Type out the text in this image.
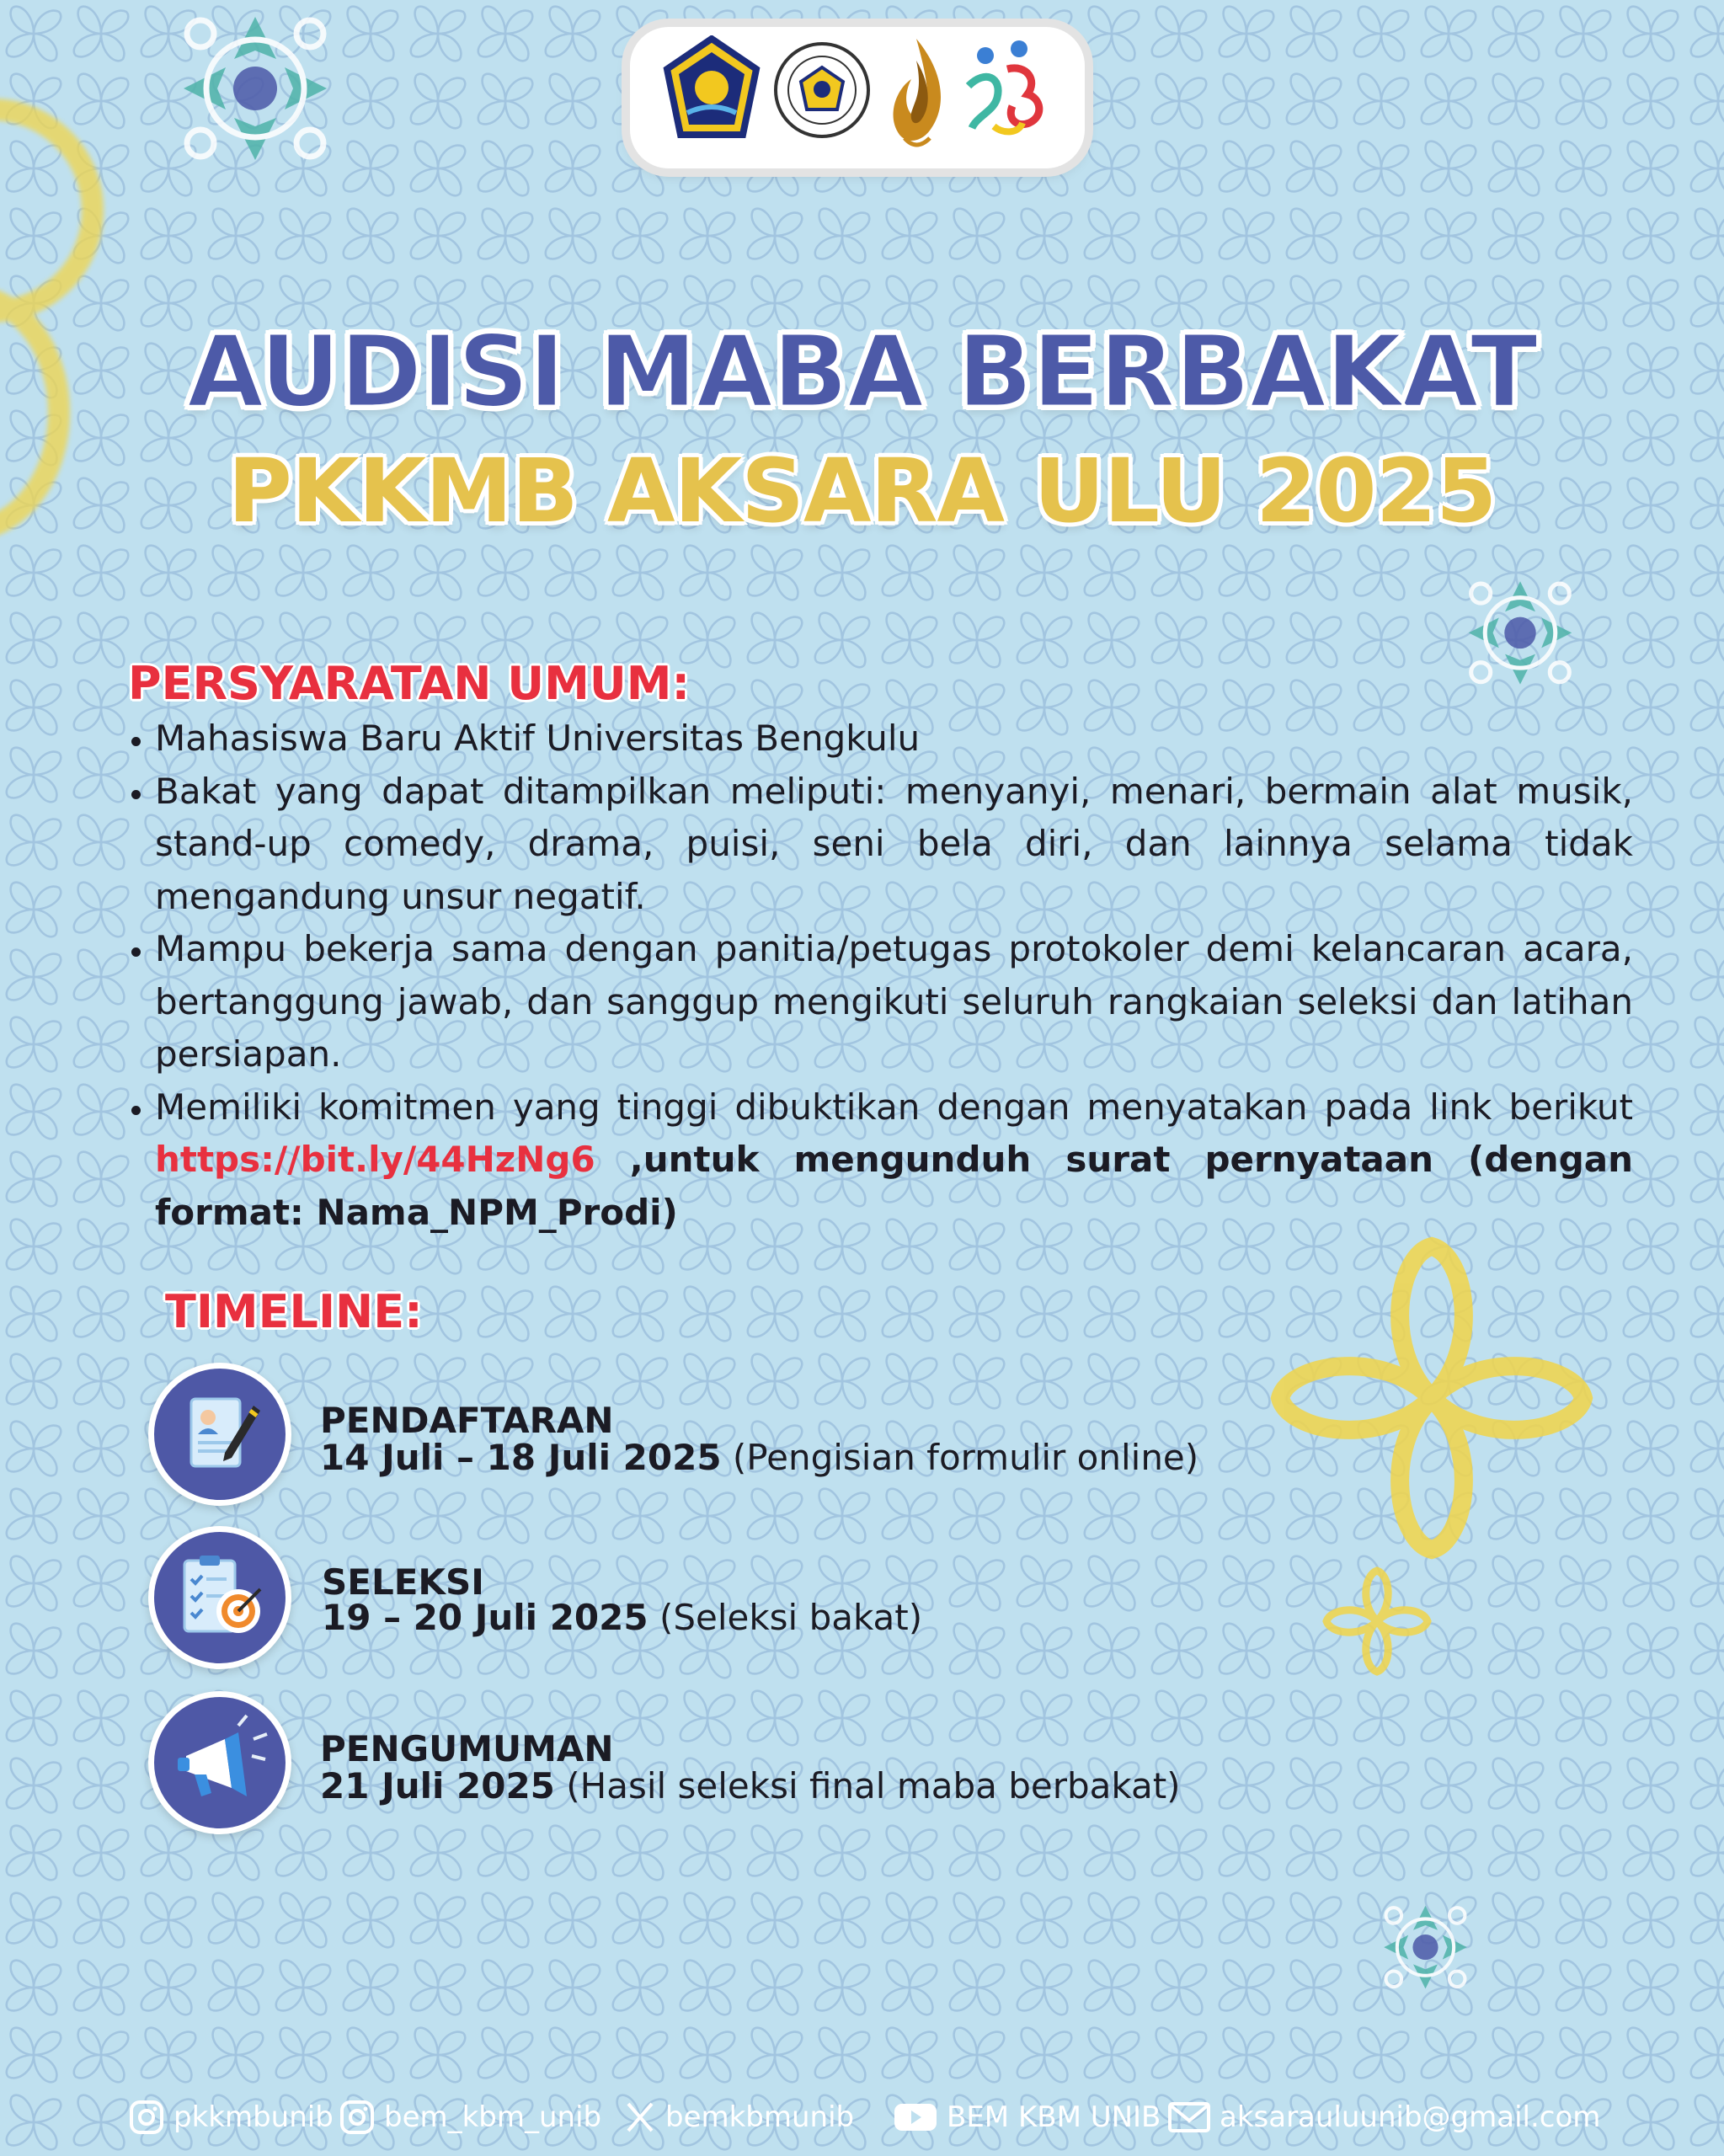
AUDISI MABA BERBAKAT
PKKMB AKSARA ULU 2025
PERSYARATAN UMUM:
• Mahasiswa Baru Aktif Universitas Bengkulu
• Bakat yang dapat ditampilkan meliputi: menyanyi, menari, bermain alat musik, stand-up comedy, drama, puisi, seni bela diri, dan lainnya selama tidak mengandung unsur negatif.
• Mampu bekerja sama dengan panitia/petugas protokoler demi kelancaran acara, bertanggung jawab, dan sanggup mengikuti seluruh rangkaian seleksi dan latihan persiapan.
• Memiliki komitmen yang tinggi dibuktikan dengan menyatakan pada link berikut https://bit.ly/44HzNg6 ,untuk mengunduh surat pernyataan (dengan format: Nama_NPM_Prodi)
TIMELINE:
PENDAFTARAN
14 Juli – 18 Juli 2025 (Pengisian formulir online)
SELEKSI
19 – 20 Juli 2025 (Seleksi bakat)
PENGUMUMAN
21 Juli 2025 (Hasil seleksi final maba berbakat)
pkkmbunib bem_kbm_unib bemkbmunib	BEM KBM UNIB aksarauluunib@gmail.com
